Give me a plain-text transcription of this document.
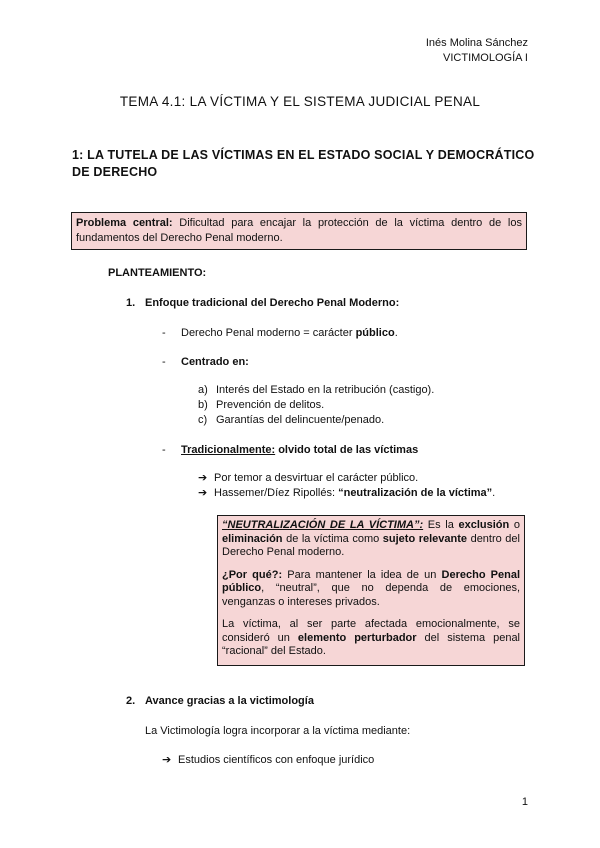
Inés Molina Sánchez
VICTIMOLOGÍA I
TEMA 4.1: LA VÍCTIMA Y EL SISTEMA JUDICIAL PENAL
1: LA TUTELA DE LAS VÍCTIMAS EN EL ESTADO SOCIAL Y DEMOCRÁTICO DE DERECHO
Problema central: Dificultad para encajar la protección de la víctima dentro de los fundamentos del Derecho Penal moderno.
PLANTEAMIENTO:
1. Enfoque tradicional del Derecho Penal Moderno:
- Derecho Penal moderno = carácter público.
- Centrado en:
a) Interés del Estado en la retribución (castigo).
b) Prevención de delitos.
c) Garantías del delincuente/penado.
- Tradicionalmente: olvido total de las víctimas
➔ Por temor a desvirtuar el carácter público.
➔ Hassemer/Díez Ripollés: “neutralización de la víctima”.

“NEUTRALIZACIÓN DE LA VÍCTIMA”: Es la exclusión o eliminación de la víctima como sujeto relevante dentro del Derecho Penal moderno.

¿Por qué?: Para mantener la idea de un Derecho Penal público, “neutral”, que no dependa de emociones, venganzas o intereses privados.

La víctima, al ser parte afectada emocionalmente, se consideró un elemento perturbador del sistema penal “racional” del Estado.

2. Avance gracias a la victimología
La Victimología logra incorporar a la víctima mediante:
➔ Estudios científicos con enfoque jurídico
1
